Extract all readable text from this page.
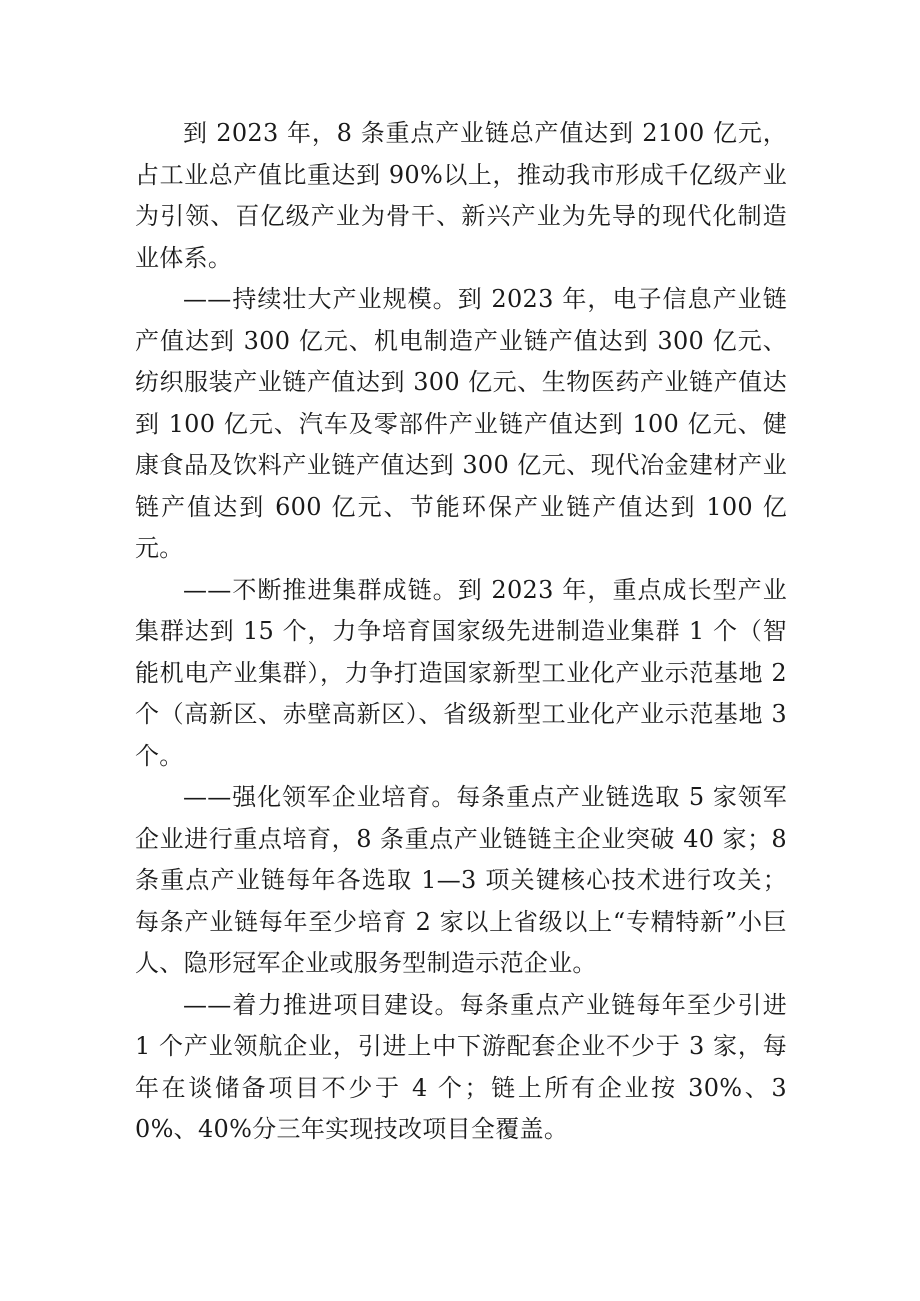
到 2023 年，8 条重点产业链总产值达到 2100 亿元，占工业总产值比重达到 90%以上，推动我市形成千亿级产业为引领、百亿级产业为骨干、新兴产业为先导的现代化制造业体系。

——持续壮大产业规模。到 2023 年，电子信息产业链产值达到 300 亿元、机电制造产业链产值达到 300 亿元、纺织服装产业链产值达到 300 亿元、生物医药产业链产值达到 100 亿元、汽车及零部件产业链产值达到 100 亿元、健康食品及饮料产业链产值达到 300 亿元、现代冶金建材产业链产值达到 600 亿元、节能环保产业链产值达到 100 亿元。

——不断推进集群成链。到 2023 年，重点成长型产业集群达到 15 个，力争培育国家级先进制造业集群 1 个（智能机电产业集群），力争打造国家新型工业化产业示范基地 2 个（高新区、赤壁高新区）、省级新型工业化产业示范基地 3 个。

——强化领军企业培育。每条重点产业链选取 5 家领军企业进行重点培育，8 条重点产业链链主企业突破 40 家；8 条重点产业链每年各选取 1—3 项关键核心技术进行攻关；每条产业链每年至少培育 2 家以上省级以上“专精特新”小巨人、隐形冠军企业或服务型制造示范企业。

——着力推进项目建设。每条重点产业链每年至少引进 1 个产业领航企业，引进上中下游配套企业不少于 3 家，每年在谈储备项目不少于 4 个；链上所有企业按 30%、30%、40%分三年实现技改项目全覆盖。
